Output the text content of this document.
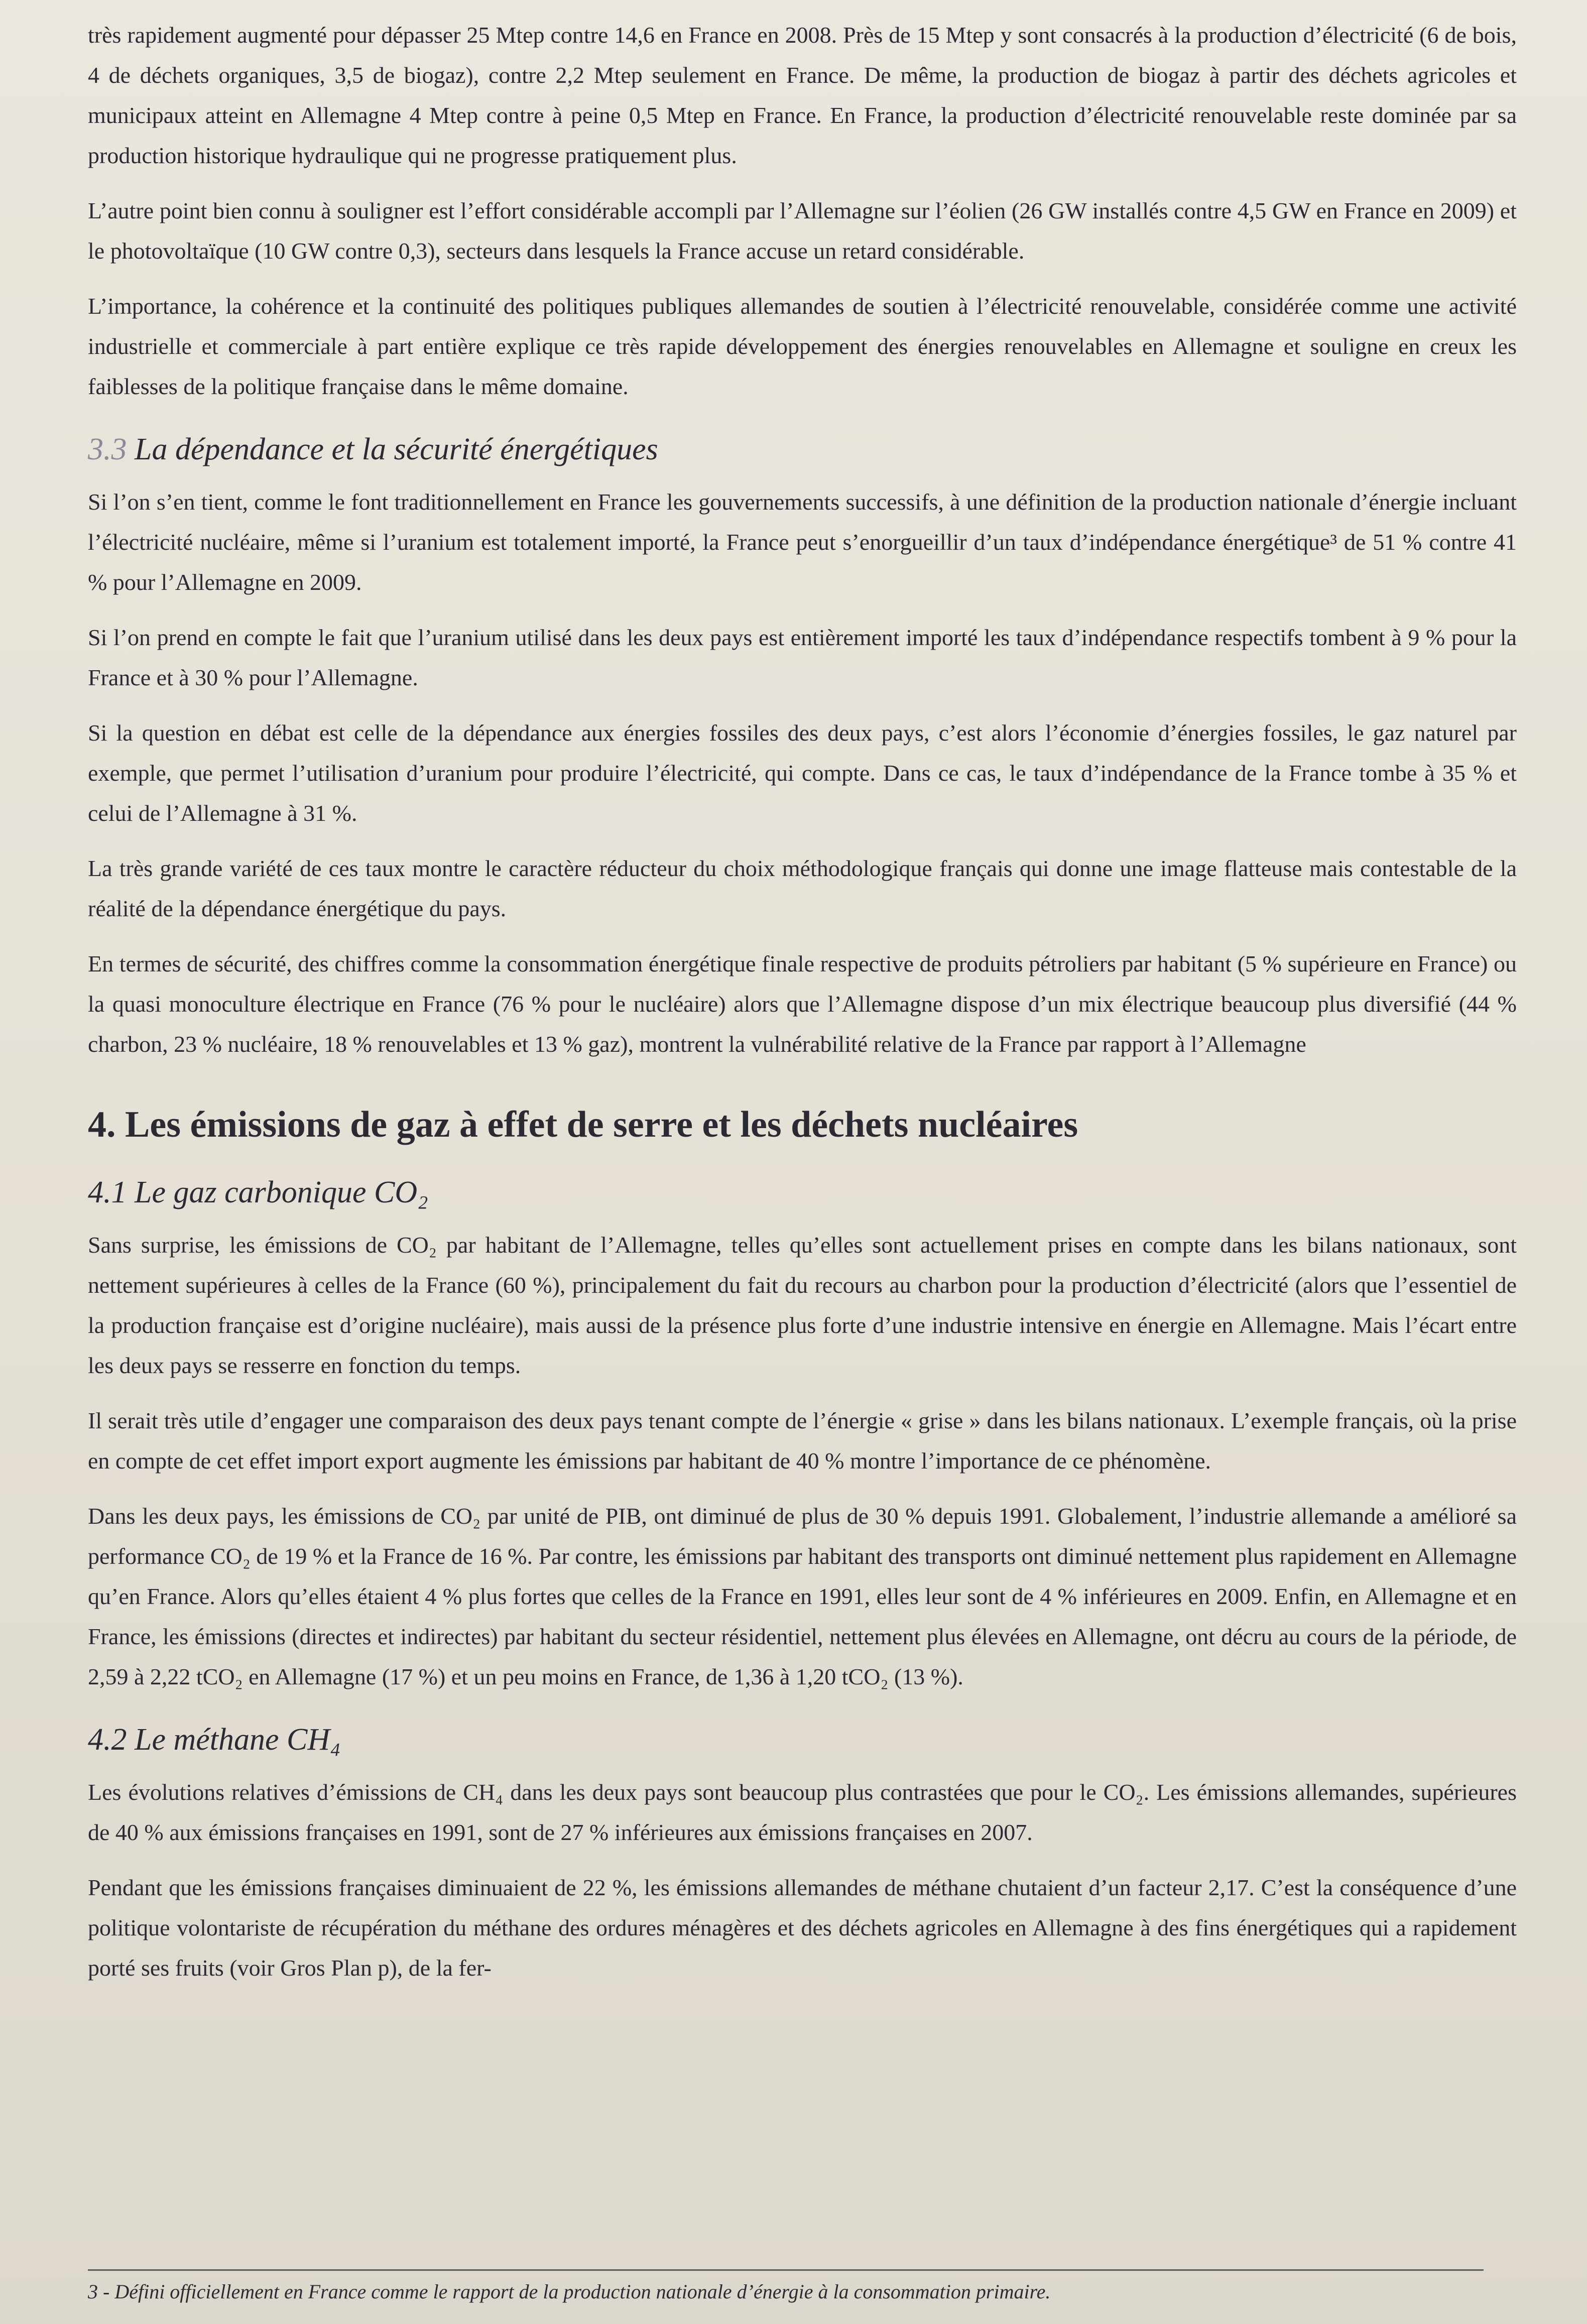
très rapidement augmenté pour dépasser 25 Mtep contre 14,6 en France en 2008. Près de 15 Mtep y sont consacrés à la production d’électricité (6 de bois, 4 de déchets organiques, 3,5 de biogaz), contre 2,2 Mtep seulement en France. De même, la production de biogaz à partir des déchets agricoles et municipaux atteint en Allemagne 4 Mtep contre à peine 0,5 Mtep en France. En France, la production d’électricité renouvelable reste dominée par sa production historique hydraulique qui ne progresse pratiquement plus.

L’autre point bien connu à souligner est l’effort considérable accompli par l’Allemagne sur l’éolien (26 GW installés contre 4,5 GW en France en 2009) et le photovoltaïque (10 GW contre 0,3), secteurs dans lesquels la France accuse un retard considérable.

L’importance, la cohérence et la continuité des politiques publiques allemandes de soutien à l’électricité renouvelable, considérée comme une activité industrielle et commerciale à part entière explique ce très rapide développement des énergies renouvelables en Allemagne et souligne en creux les faiblesses de la politique française dans le même domaine.

3.3 La dépendance et la sécurité énergétiques

Si l’on s’en tient, comme le font traditionnellement en France les gouvernements successifs, à une définition de la production nationale d’énergie incluant l’électricité nucléaire, même si l’uranium est totalement importé, la France peut s’enorgueillir d’un taux d’indépendance énergétique³ de 51 % contre 41 % pour l’Allemagne en 2009.

Si l’on prend en compte le fait que l’uranium utilisé dans les deux pays est entièrement importé les taux d’indépendance respectifs tombent à 9 % pour la France et à 30 % pour l’Allemagne.

Si la question en débat est celle de la dépendance aux énergies fossiles des deux pays, c’est alors l’économie d’énergies fossiles, le gaz naturel par exemple, que permet l’utilisation d’uranium pour produire l’électricité, qui compte. Dans ce cas, le taux d’indépendance de la France tombe à 35 % et celui de l’Allemagne à 31 %.

La très grande variété de ces taux montre le caractère réducteur du choix méthodologique français qui donne une image flatteuse mais contestable de la réalité de la dépendance énergétique du pays.

En termes de sécurité, des chiffres comme la consommation énergétique finale respective de produits pétroliers par habitant (5 % supérieure en France) ou la quasi monoculture électrique en France (76 % pour le nucléaire) alors que l’Allemagne dispose d’un mix électrique beaucoup plus diversifié (44 % charbon, 23 % nucléaire, 18 % renouvelables et 13 % gaz), montrent la vulnérabilité relative de la France par rapport à l’Allemagne

4. Les émissions de gaz à effet de serre et les déchets nucléaires
4.1 Le gaz carbonique CO₂

Sans surprise, les émissions de CO₂ par habitant de l’Allemagne, telles qu’elles sont actuellement prises en compte dans les bilans nationaux, sont nettement supérieures à celles de la France (60 %), principalement du fait du recours au charbon pour la production d’électricité (alors que l’essentiel de la production française est d’origine nucléaire), mais aussi de la présence plus forte d’une industrie intensive en énergie en Allemagne. Mais l’écart entre les deux pays se resserre en fonction du temps.

Il serait très utile d’engager une comparaison des deux pays tenant compte de l’énergie « grise » dans les bilans nationaux. L’exemple français, où la prise en compte de cet effet import export augmente les émissions par habitant de 40 % montre l’importance de ce phénomène.

Dans les deux pays, les émissions de CO₂ par unité de PIB, ont diminué de plus de 30 % depuis 1991. Globalement, l’industrie allemande a amélioré sa performance CO₂ de 19 % et la France de 16 %. Par contre, les émissions par habitant des transports ont diminué nettement plus rapidement en Allemagne qu’en France. Alors qu’elles étaient 4 % plus fortes que celles de la France en 1991, elles leur sont de 4 % inférieures en 2009. Enfin, en Allemagne et en France, les émissions (directes et indirectes) par habitant du secteur résidentiel, nettement plus élevées en Allemagne, ont décru au cours de la période, de 2,59 à 2,22 tCO₂ en Allemagne (17 %) et un peu moins en France, de 1,36 à 1,20 tCO₂ (13 %).

4.2 Le méthane CH₄

Les évolutions relatives d’émissions de CH₄ dans les deux pays sont beaucoup plus contrastées que pour le CO₂. Les émissions allemandes, supérieures de 40 % aux émissions françaises en 1991, sont de 27 % inférieures aux émissions françaises en 2007.

Pendant que les émissions françaises diminuaient de 22 %, les émissions allemandes de méthane chutaient d’un facteur 2,17. C’est la conséquence d’une politique volontariste de récupération du méthane des ordures ménagères et des déchets agricoles en Allemagne à des fins énergétiques qui a rapidement porté ses fruits (voir Gros Plan p), de la fer-

3 - Défini officiellement en France comme le rapport de la production nationale d’énergie à la consommation primaire.
